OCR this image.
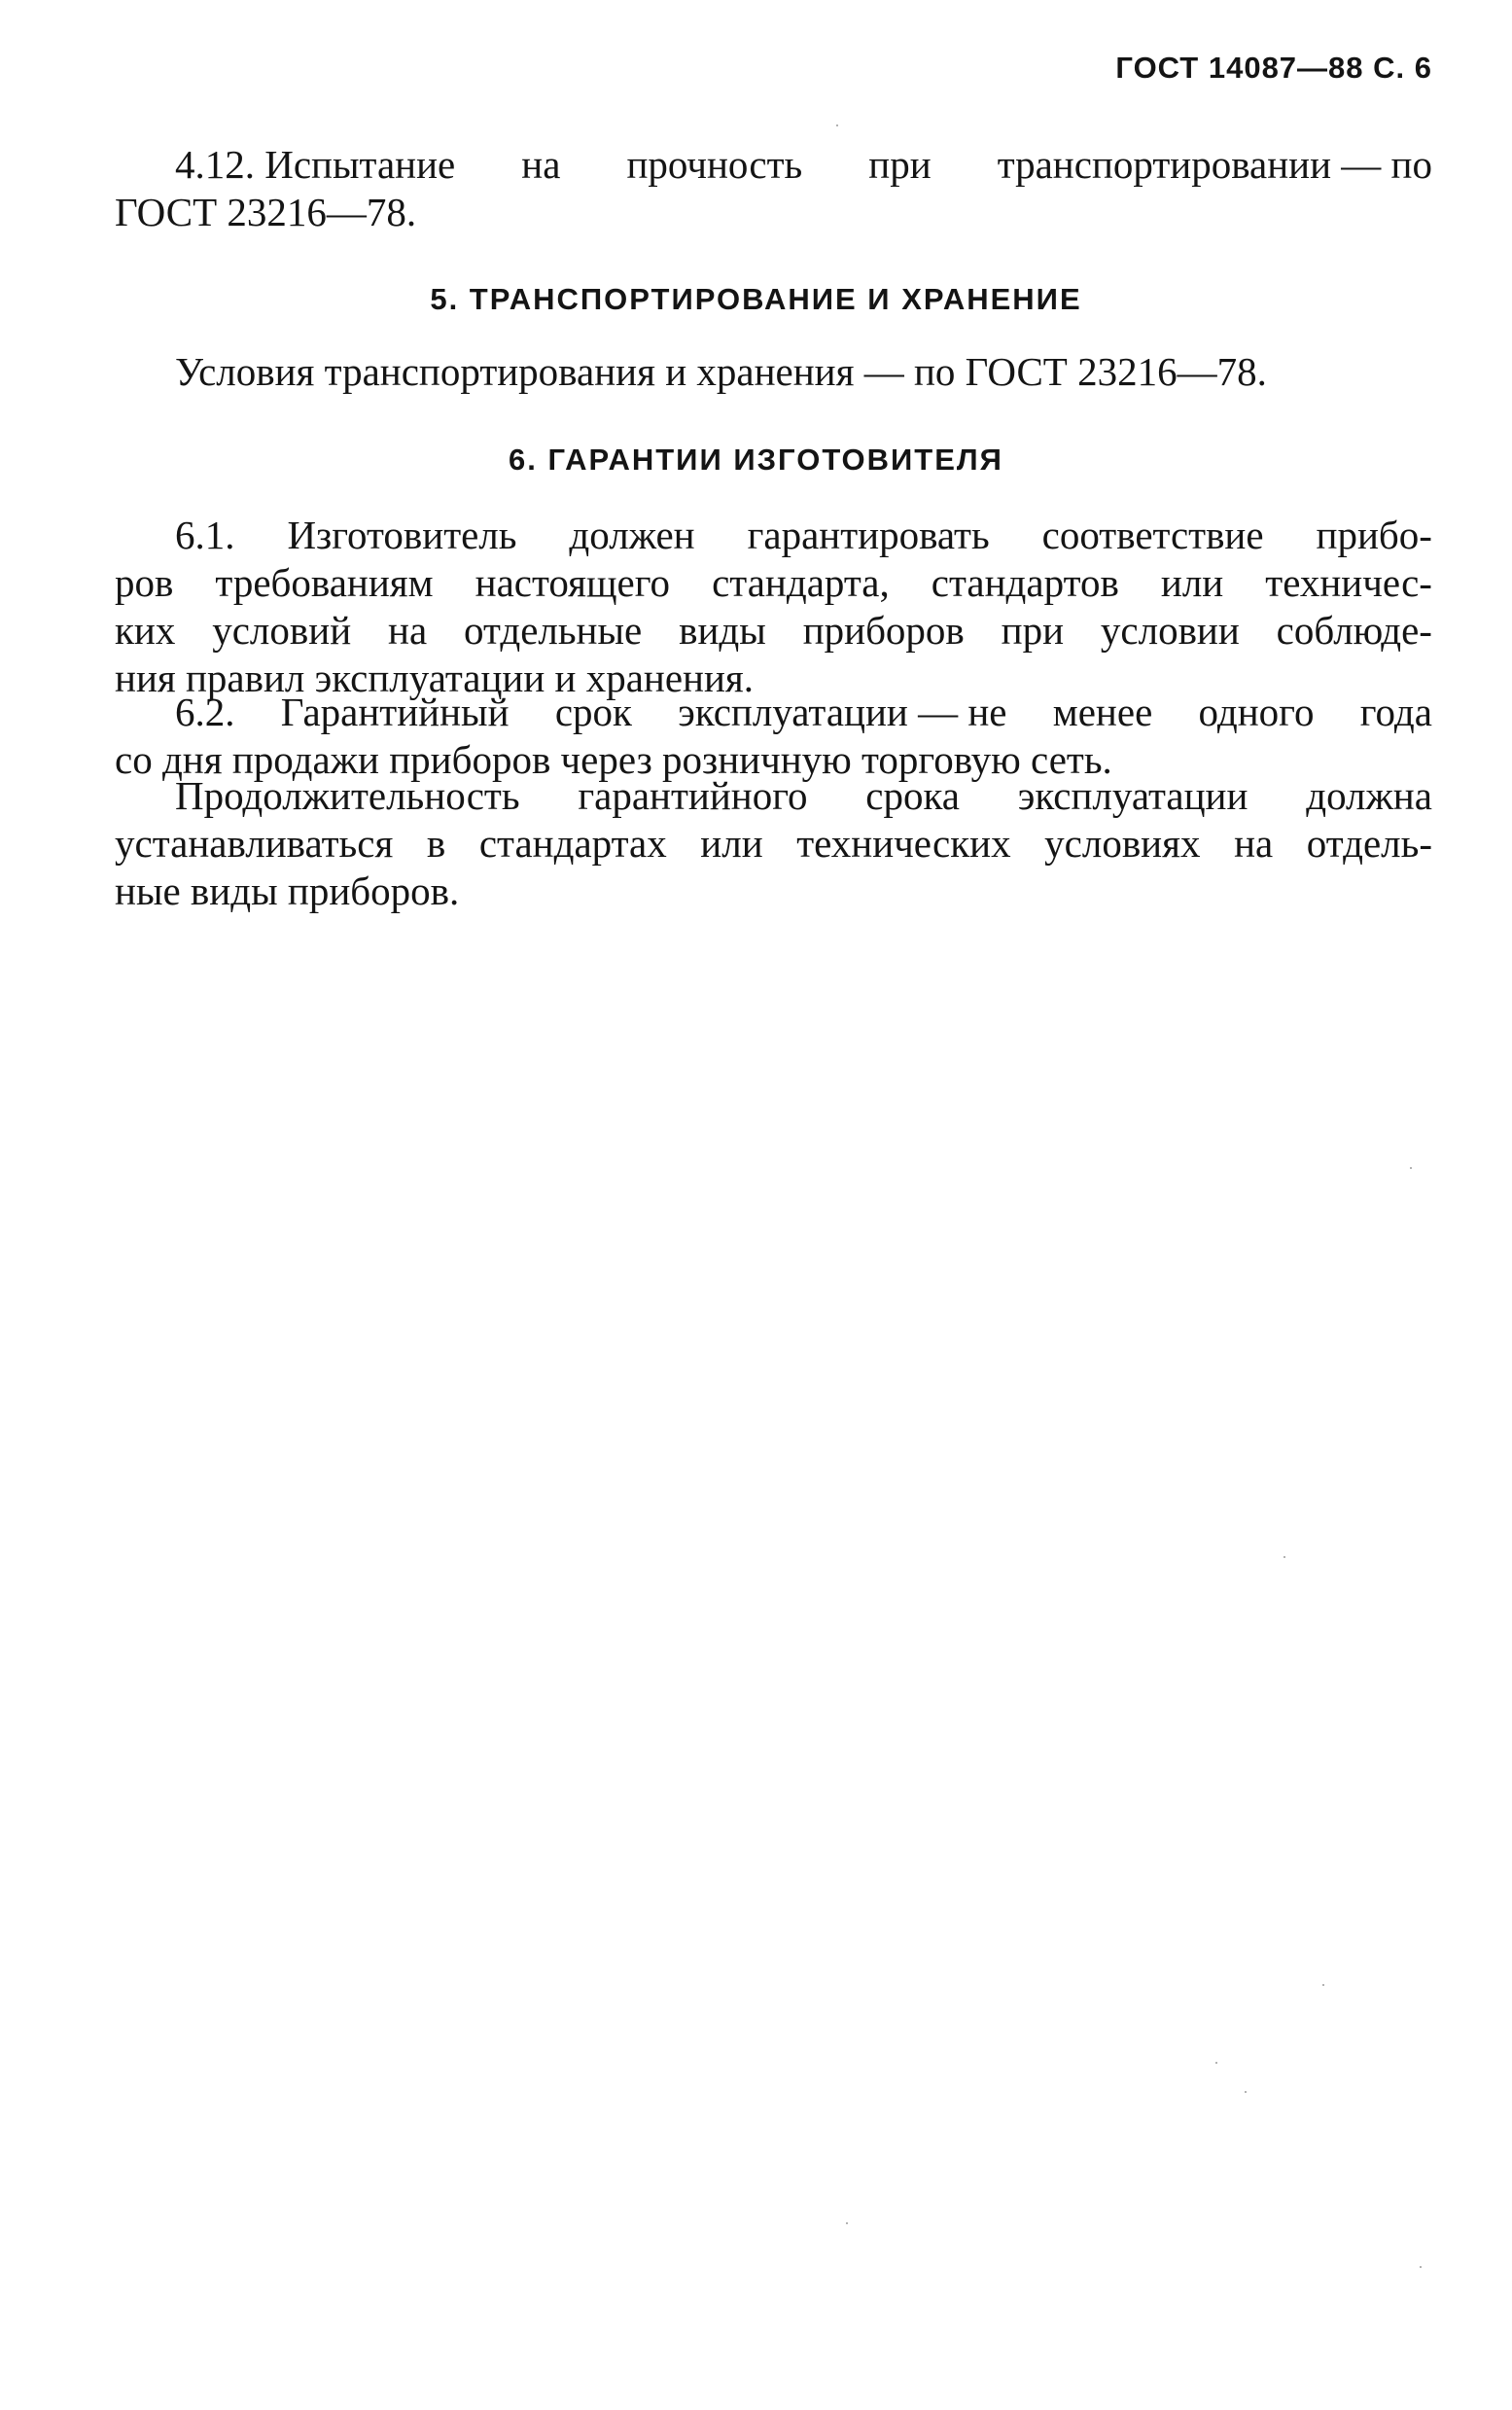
ГОСТ 14087—88 С. 6
4.12. Испытание на прочность при транспортировании — по
ГОСТ 23216—78.
5. ТРАНСПОРТИРОВАНИЕ И ХРАНЕНИЕ
Условия транспортирования и хранения — по ГОСТ 23216—78.
6. ГАРАНТИИ ИЗГОТОВИТЕЛЯ
6.1. Изготовитель должен гарантировать соответствие прибо-
ров требованиям настоящего стандарта, стандартов или техничес-
ких условий на отдельные виды приборов при условии соблюде-
ния правил эксплуатации и хранения.
6.2. Гарантийный срок эксплуатации — не менее одного года
со дня продажи приборов через розничную торговую сеть.
Продолжительность гарантийного срока эксплуатации должна
устанавливаться в стандартах или технических условиях на отдель-
ные виды приборов.
